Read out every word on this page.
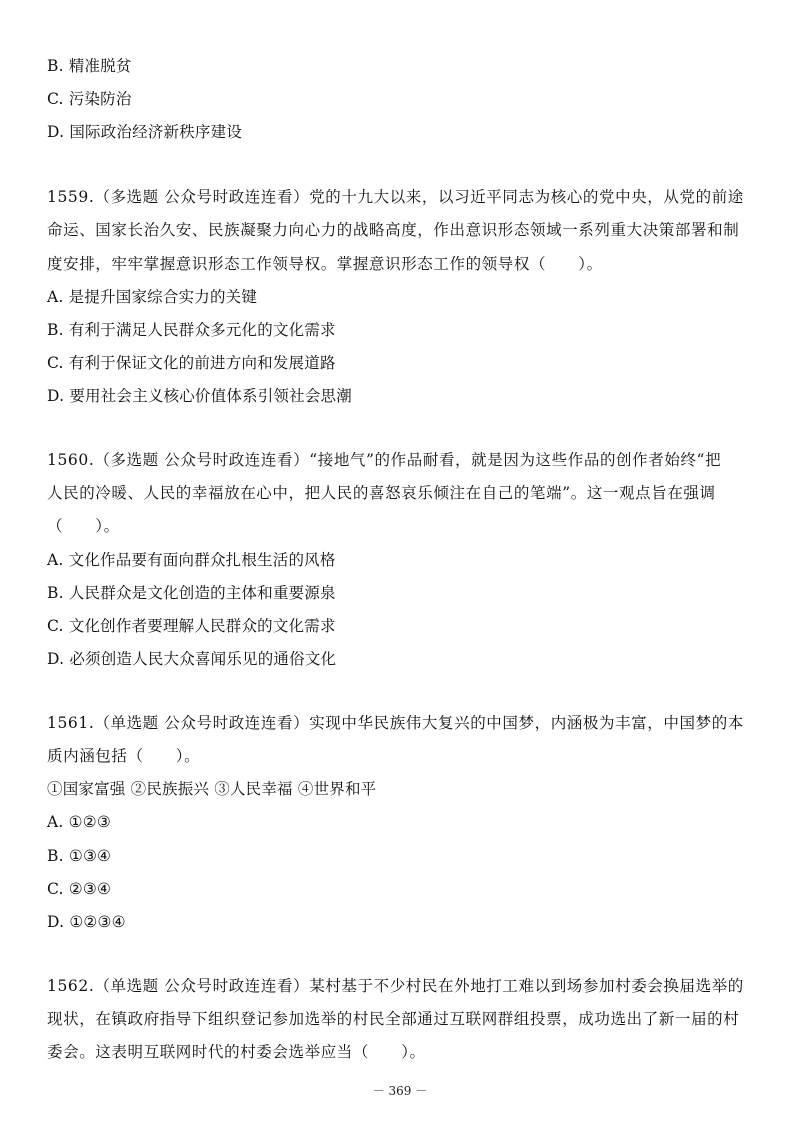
B. 精准脱贫
C. 污染防治
D. 国际政治经济新秩序建设
1559.（多选题 公众号时政连连看）党的十九大以来，以习近平同志为核心的党中央，从党的前途
命运、国家长治久安、民族凝聚力向心力的战略高度，作出意识形态领域一系列重大决策部署和制
度安排，牢牢掌握意识形态工作领导权。掌握意识形态工作的领导权（　　）。
A. 是提升国家综合实力的关键
B. 有利于满足人民群众多元化的文化需求
C. 有利于保证文化的前进方向和发展道路
D. 要用社会主义核心价值体系引领社会思潮
1560.（多选题 公众号时政连连看）“接地气”的作品耐看，就是因为这些作品的创作者始终“把
人民的冷暖、人民的幸福放在心中，把人民的喜怒哀乐倾注在自己的笔端”。这一观点旨在强调
（　　）。
A. 文化作品要有面向群众扎根生活的风格
B. 人民群众是文化创造的主体和重要源泉
C. 文化创作者要理解人民群众的文化需求
D. 必须创造人民大众喜闻乐见的通俗文化
1561.（单选题 公众号时政连连看）实现中华民族伟大复兴的中国梦，内涵极为丰富，中国梦的本
质内涵包括（　　）。
①国家富强 ②民族振兴 ③人民幸福 ④世界和平
A. ①②③
B. ①③④
C. ②③④
D. ①②③④
1562.（单选题 公众号时政连连看）某村基于不少村民在外地打工难以到场参加村委会换届选举的
现状，在镇政府指导下组织登记参加选举的村民全部通过互联网群组投票，成功选出了新一届的村
委会。这表明互联网时代的村委会选举应当（　　）。
－ 369 －
